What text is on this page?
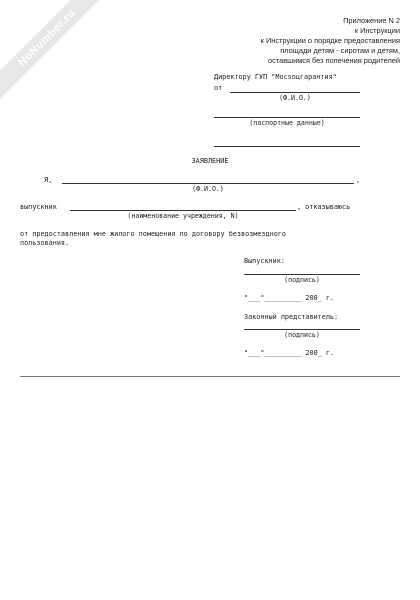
NoNumber.ru	Приложение N 2
к Инструкции
к Инструкции о порядке предоставления
площади детям - сиротам и детям,
оставшимся без попечения родителей
Директору ГУП "Мосsoцгарантия"
от
(Ф.И.О.)
(паспортные данные)
ЗАЯВЛЕНИЕ
Я,	,
(Ф.И.О.)
выпускник	, отказываюсь
(наименование учреждения, N)
от предоставления мне жилого помещения по договору безвозмездного
пользования.
Выпускник:
(подпись)
"___"_________ 200_ г.
Законный представитель:
(подпись)
"___"_________ 200_ г.
